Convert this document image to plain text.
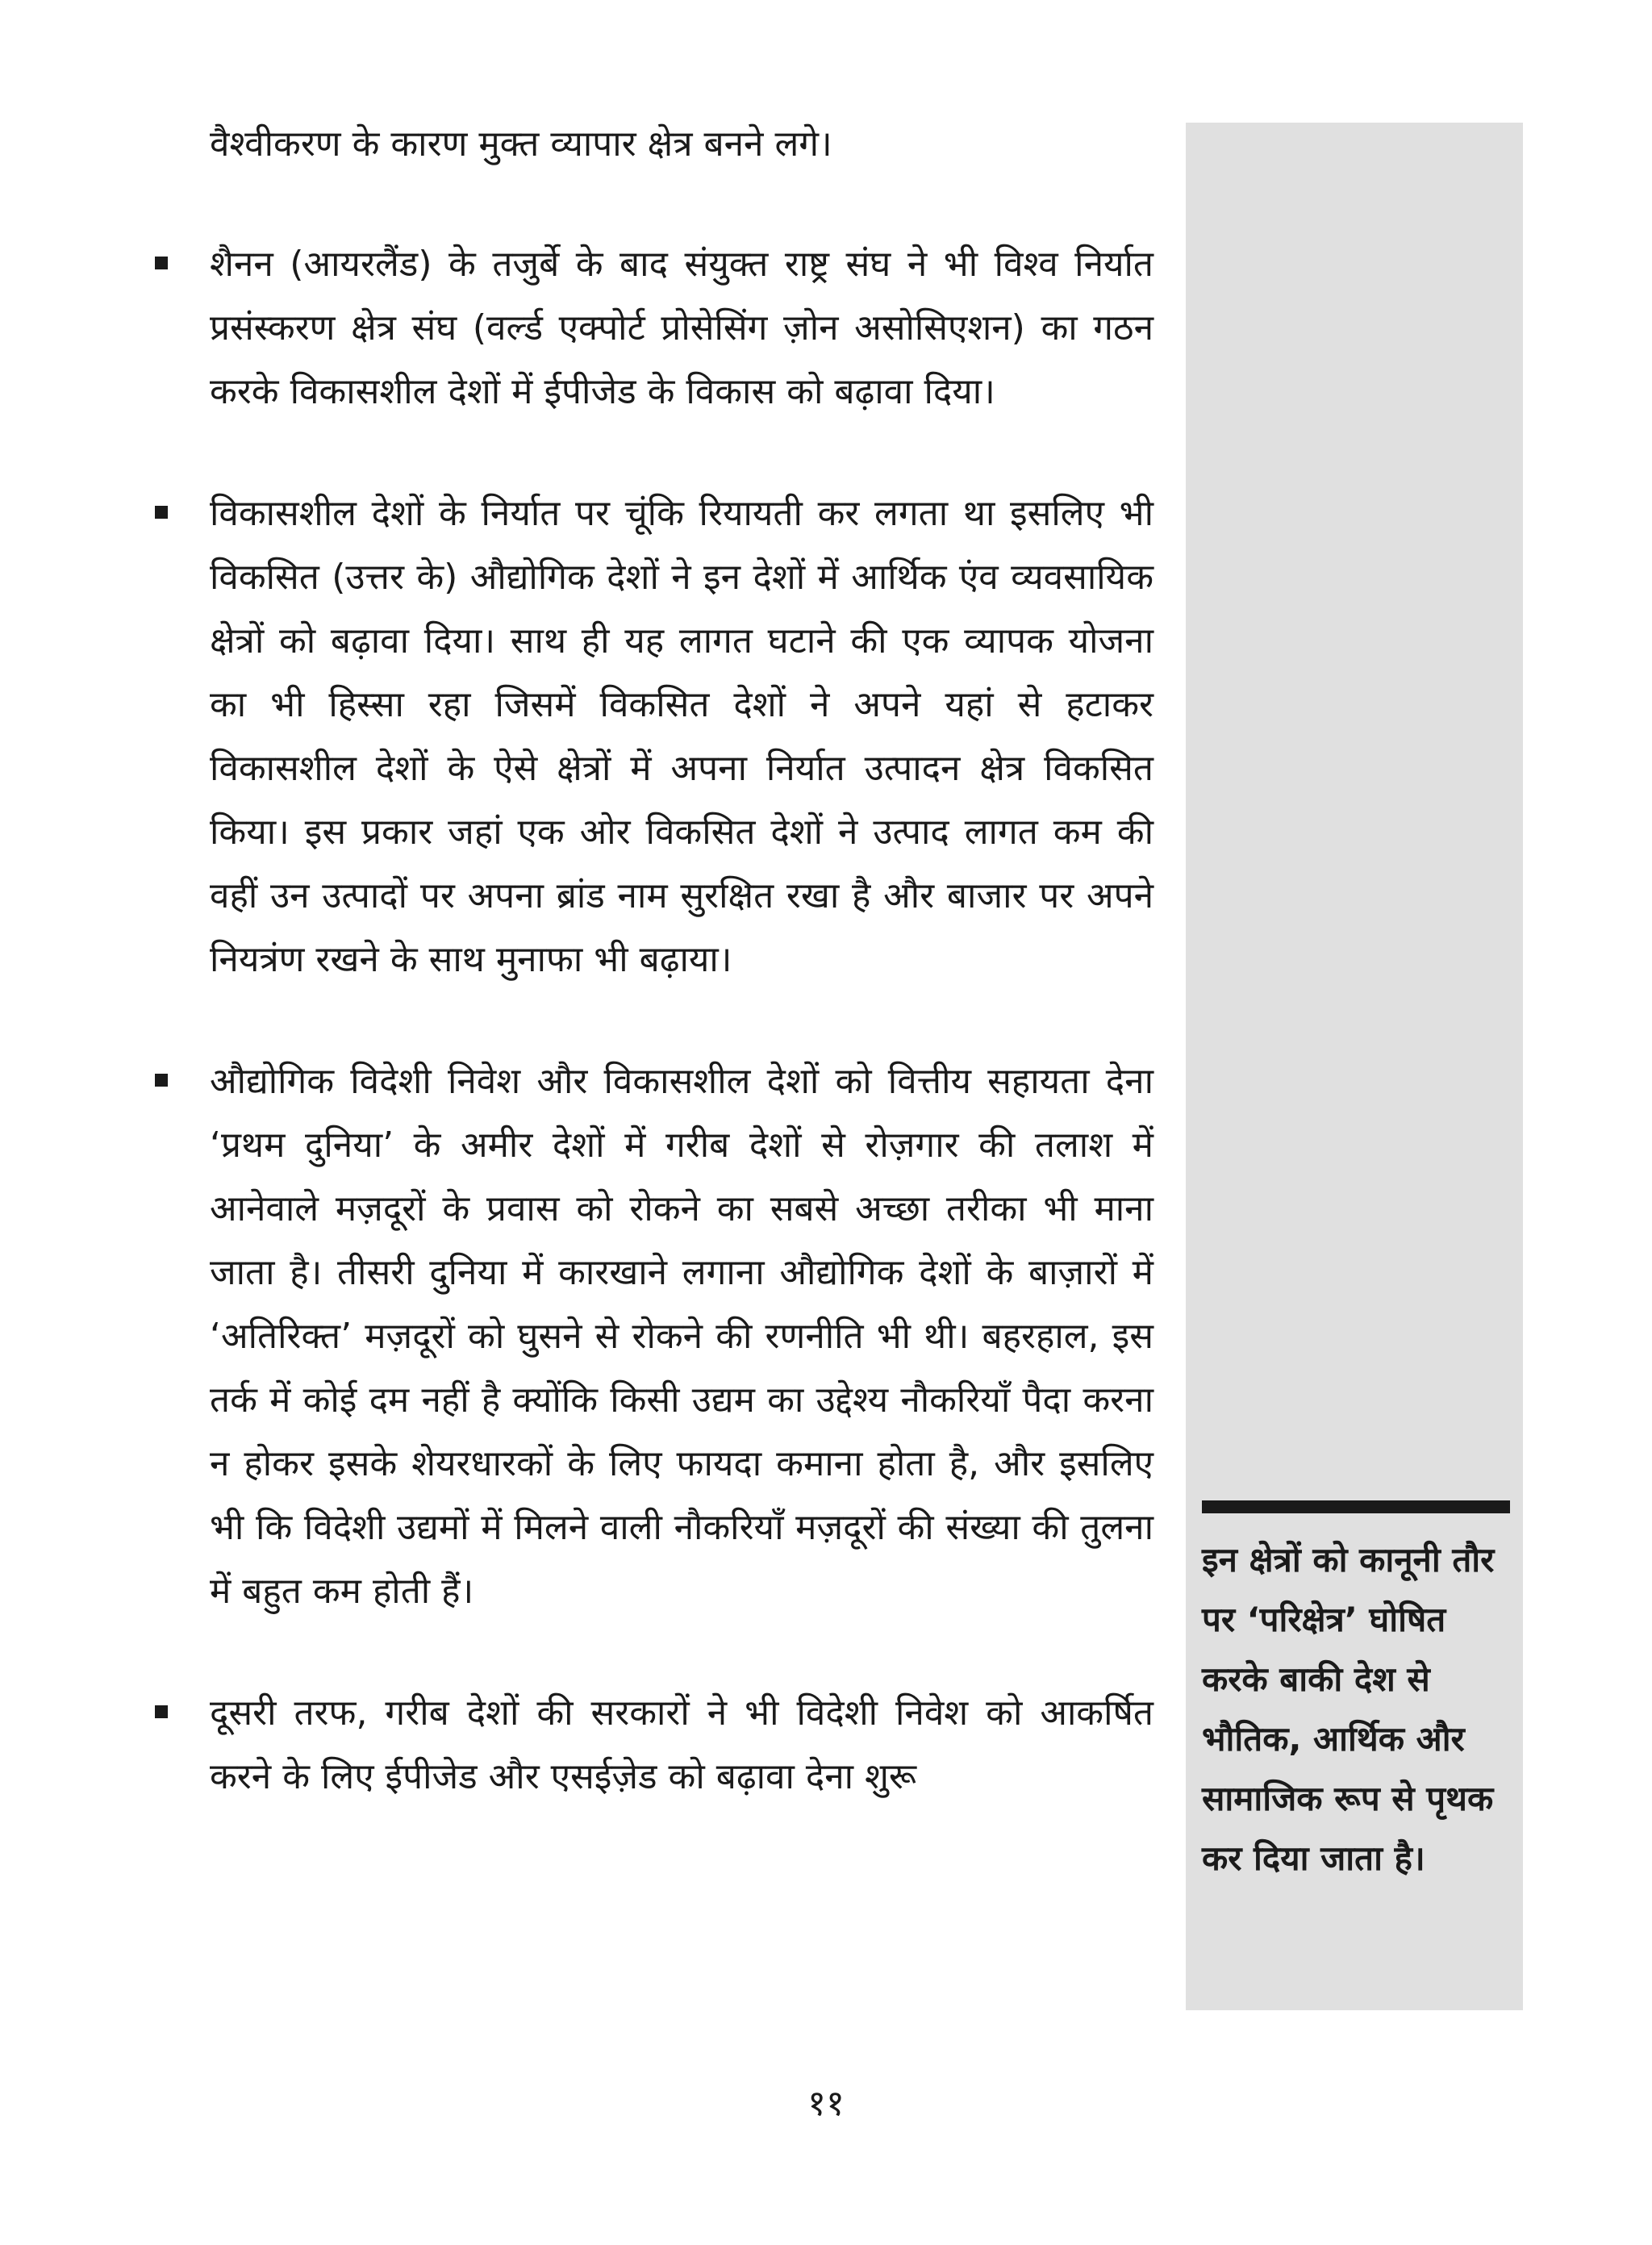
वैश्वीकरण के कारण मुक्त व्यापार क्षेत्र बनने लगे।

शैनन (आयरलैंड) के तजुर्बे के बाद संयुक्त राष्ट्र संघ ने भी विश्व निर्यात प्रसंस्करण क्षेत्र संघ (वर्ल्ड एक्पोर्ट प्रोसेसिंग ज़ोन असोसिएशन) का गठन करके विकासशील देशों में ईपीजेड के विकास को बढ़ावा दिया।

विकासशील देशों के निर्यात पर चूंकि रियायती कर लगता था इसलिए भी विकसित (उत्तर के) औद्योगिक देशों ने इन देशों में आर्थिक एंव व्यवसायिक क्षेत्रों को बढ़ावा दिया। साथ ही यह लागत घटाने की एक व्यापक योजना का भी हिस्सा रहा जिसमें विकसित देशों ने अपने यहां से हटाकर विकासशील देशों के ऐसे क्षेत्रों में अपना निर्यात उत्पादन क्षेत्र विकसित किया। इस प्रकार जहां एक ओर विकसित देशों ने उत्पाद लागत कम की वहीं उन उत्पादों पर अपना ब्रांड नाम सुरक्षित रखा है और बाजार पर अपने नियत्रंण रखने के साथ मुनाफा भी बढ़ाया।

औद्योगिक विदेशी निवेश और विकासशील देशों को वित्तीय सहायता देना ‘प्रथम दुनिया’ के अमीर देशों में गरीब देशों से रोज़गार की तलाश में आनेवाले मज़दूरों के प्रवास को रोकने का सबसे अच्छा तरीका भी माना जाता है। तीसरी दुनिया में कारखाने लगाना औद्योगिक देशों के बाज़ारों में ‘अतिरिक्त’ मज़दूरों को घुसने से रोकने की रणनीति भी थी। बहरहाल, इस तर्क में कोई दम नहीं है क्योंकि किसी उद्यम का उद्देश्य नौकरियाँ पैदा करना न होकर इसके शेयरधारकों के लिए फायदा कमाना होता है, और इसलिए भी कि विदेशी उद्यमों में मिलने वाली नौकरियाँ मज़दूरों की संख्या की तुलना में बहुत कम होती हैं।

दूसरी तरफ, गरीब देशों की सरकारों ने भी विदेशी निवेश को आकर्षित करने के लिए ईपीजेड और एसईज़ेड को बढ़ावा देना शुरू

इन क्षेत्रों को कानूनी तौर पर ‘परिक्षेत्र’ घोषित करके बाकी देश से भौतिक, आर्थिक और सामाजिक रूप से पृथक कर दिया जाता है।

११
